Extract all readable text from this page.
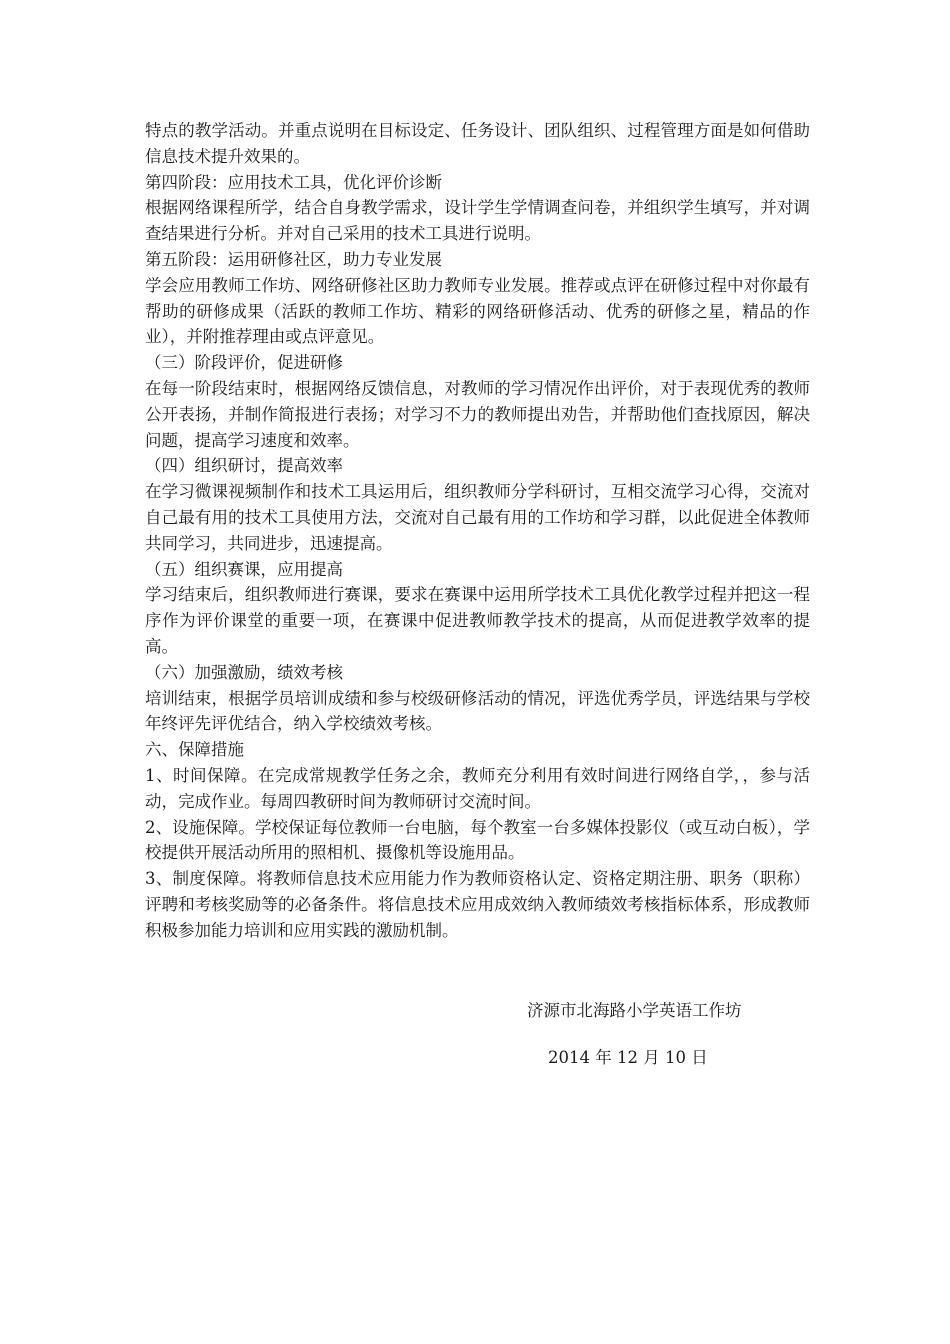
特点的教学活动。并重点说明在目标设定、任务设计、团队组织、过程管理方面是如何借助信息技术提升效果的。

第四阶段：应用技术工具，优化评价诊断

根据网络课程所学，结合自身教学需求，设计学生学情调查问卷，并组织学生填写，并对调查结果进行分析。并对自己采用的技术工具进行说明。

第五阶段：运用研修社区，助力专业发展

学会应用教师工作坊、网络研修社区助力教师专业发展。推荐或点评在研修过程中对你最有帮助的研修成果（活跃的教师工作坊、精彩的网络研修活动、优秀的研修之星，精品的作业），并附推荐理由或点评意见。

（三）阶段评价，促进研修

在每一阶段结束时，根据网络反馈信息，对教师的学习情况作出评价，对于表现优秀的教师公开表扬，并制作简报进行表扬；对学习不力的教师提出劝告，并帮助他们查找原因，解决问题，提高学习速度和效率。

（四）组织研讨，提高效率

在学习微课视频制作和技术工具运用后，组织教师分学科研讨，互相交流学习心得，交流对自己最有用的技术工具使用方法，交流对自己最有用的工作坊和学习群，以此促进全体教师共同学习，共同进步，迅速提高。

（五）组织赛课，应用提高

学习结束后，组织教师进行赛课，要求在赛课中运用所学技术工具优化教学过程并把这一程序作为评价课堂的重要一项，在赛课中促进教师教学技术的提高，从而促进教学效率的提高。

（六）加强激励，绩效考核

培训结束，根据学员培训成绩和参与校级研修活动的情况，评选优秀学员，评选结果与学校年终评先评优结合，纳入学校绩效考核。

六、保障措施

1、时间保障。在完成常规教学任务之余，教师充分利用有效时间进行网络自学，，参与活动，完成作业。每周四教研时间为教师研讨交流时间。

2、设施保障。学校保证每位教师一台电脑，每个教室一台多媒体投影仪（或互动白板），学校提供开展活动所用的照相机、摄像机等设施用品。

3、制度保障。将教师信息技术应用能力作为教师资格认定、资格定期注册、职务（职称）评聘和考核奖励等的必备条件。将信息技术应用成效纳入教师绩效考核指标体系，形成教师积极参加能力培训和应用实践的激励机制。

济源市北海路小学英语工作坊
2014 年 12 月 10 日
